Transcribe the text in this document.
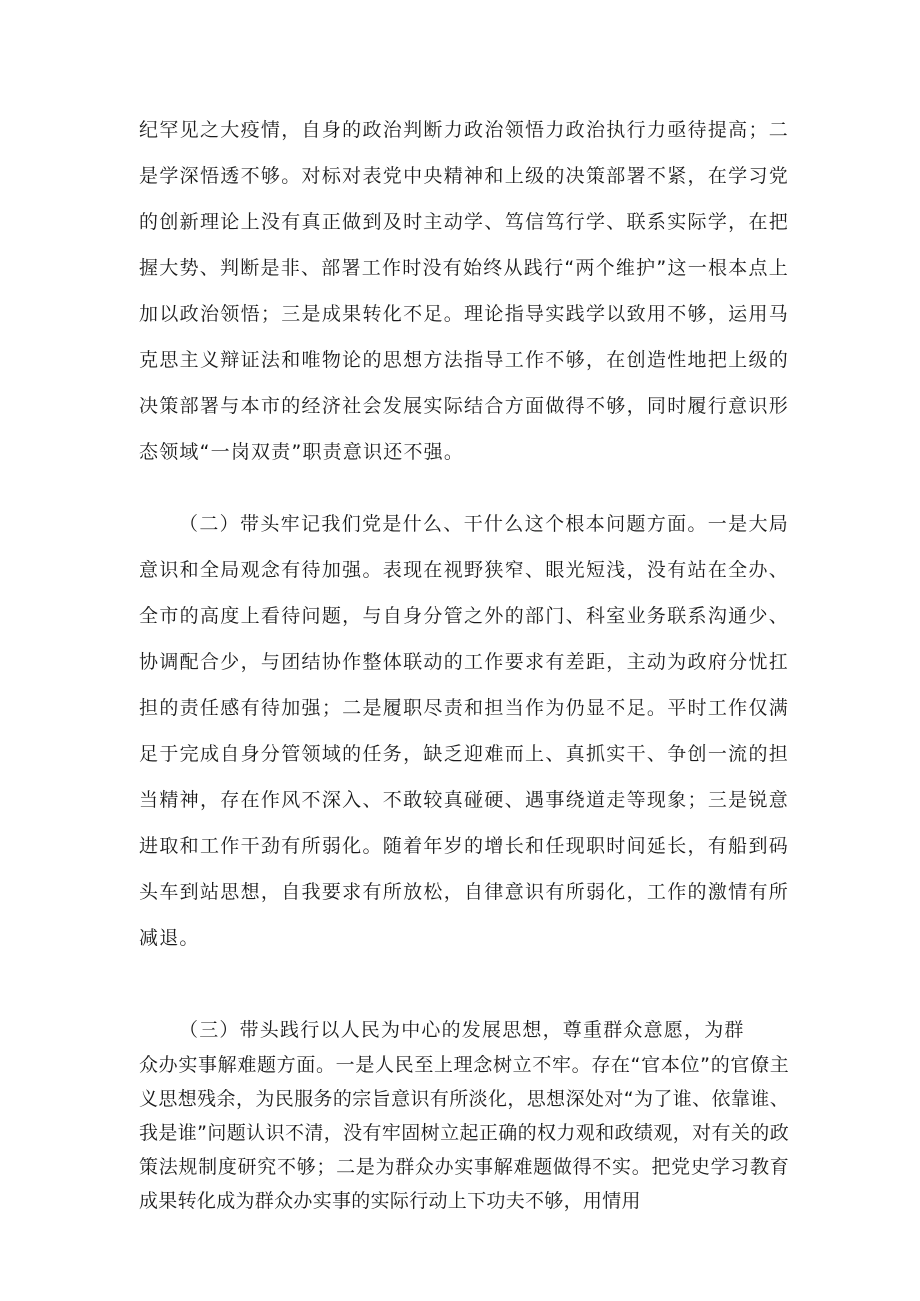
纪罕见之大疫情，自身的政治判断力政治领悟力政治执行力亟待提高；二是学深悟透不够。对标对表党中央精神和上级的决策部署不紧，在学习党的创新理论上没有真正做到及时主动学、笃信笃行学、联系实际学，在把握大势、判断是非、部署工作时没有始终从践行“两个维护”这一根本点上加以政治领悟；三是成果转化不足。理论指导实践学以致用不够，运用马克思主义辩证法和唯物论的思想方法指导工作不够，在创造性地把上级的决策部署与本市的经济社会发展实际结合方面做得不够，同时履行意识形态领域“一岗双责”职责意识还不强。

（二）带头牢记我们党是什么、干什么这个根本问题方面。一是大局意识和全局观念有待加强。表现在视野狭窄、眼光短浅，没有站在全办、全市的高度上看待问题，与自身分管之外的部门、科室业务联系沟通少、协调配合少，与团结协作整体联动的工作要求有差距，主动为政府分忧扛担的责任感有待加强；二是履职尽责和担当作为仍显不足。平时工作仅满足于完成自身分管领域的任务，缺乏迎难而上、真抓实干、争创一流的担当精神，存在作风不深入、不敢较真碰硬、遇事绕道走等现象；三是锐意进取和工作干劲有所弱化。随着年岁的增长和任现职时间延长，有船到码头车到站思想，自我要求有所放松，自律意识有所弱化，工作的激情有所减退。

（三）带头践行以人民为中心的发展思想，尊重群众意愿，为群

众办实事解难题方面。一是人民至上理念树立不牢。存在“官本位”的官僚主义思想残余，为民服务的宗旨意识有所淡化，思想深处对“为了谁、依靠谁、我是谁”问题认识不清，没有牢固树立起正确的权力观和政绩观，对有关的政策法规制度研究不够；二是为群众办实事解难题做得不实。把党史学习教育成果转化成为群众办实事的实际行动上下功夫不够，用情用
